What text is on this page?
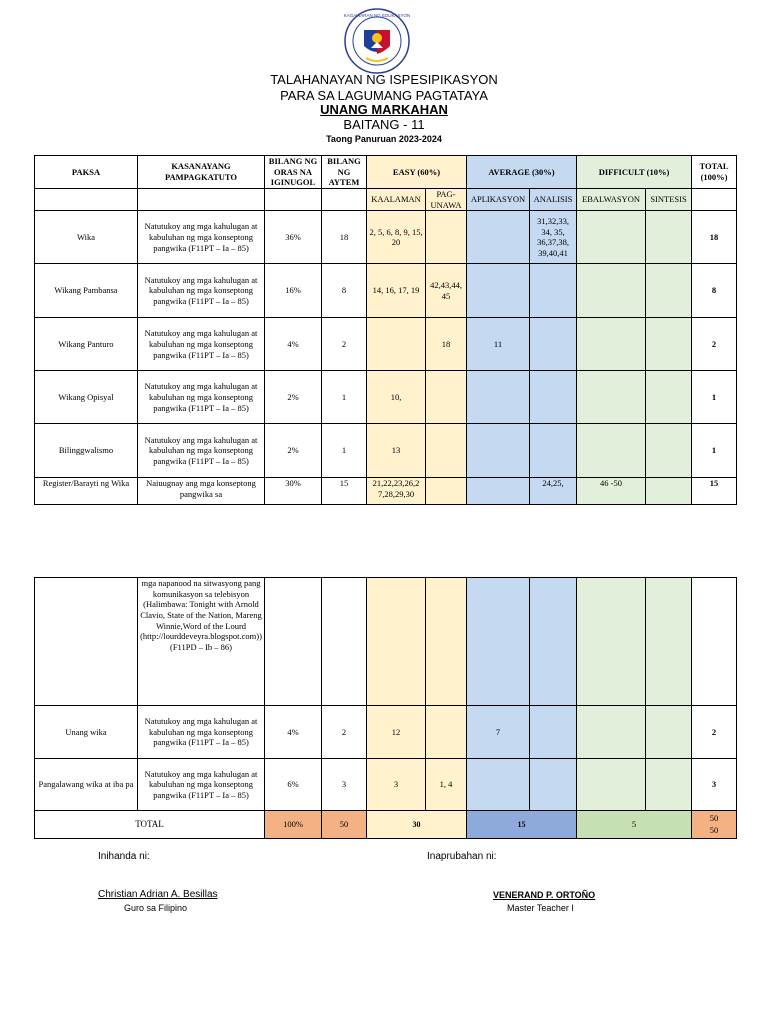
KAGAWARAN NG EDUKASYON
TALAHANAYAN NG ISPESIPIKASYON
PARA SA LAGUMANG PAGTATAYA
UNANG MARKAHAN
BAITANG - 11
Taong Panuruan 2023-2024
PAKSA	KASANAYANG PAMPAGKATUTO	BILANG NG ORAS NA IGINUGOL	BILANG NG AYTEM	EASY (60%)		AVERAGE (30%)		DIFFICULT (10%)		TOTAL (100%)
				KAALAMAN	PAG-UNAWA	APLIKASYON	ANALISIS	EBALWASYON	SINTESIS	
Wika	Natutukoy ang mga kahulugan at kabuluhan ng mga konseptong pangwika (F11PT – Ia – 85)	36%	18	2, 5, 6, 8, 9, 15, 20			31,32,33, 34, 35, 36,37,38, 39,40,41			18
Wikang Pambansa	Natutukoy ang mga kahulugan at kabuluhan ng mga konseptong pangwika (F11PT – Ia – 85)	16%	8	14, 16, 17, 19	42,43,44, 45					8
Wikang Panturo	Natutukoy ang mga kahulugan at kabuluhan ng mga konseptong pangwika (F11PT – Ia – 85)	4%	2		18	11				2
Wikang Opisyal	Natutukoy ang mga kahulugan at kabuluhan ng mga konseptong pangwika (F11PT – Ia – 85)	2%	1	10,						1
Bilinggwalismo	Natutukoy ang mga kahulugan at kabuluhan ng mga konseptong pangwika (F11PT – Ia – 85)	2%	1	13						1
Register/Barayti ng Wika	Naiuugnay ang mga konseptong pangwika sa	30%	15	21,22,23,26,2 7,28,29,30			24,25,	46 -50		15
	mga napanood na sitwasyong pang komunikasyon sa telebisyon (Halimbawa: Tonight with Arnold Clavio, State of the Nation, Mareng Winnie,Word of the Lourd (http://lourddeveyra.blogspot.com)) (F11PD – Ib – 86)									
Unang wika	Natutukoy ang mga kahulugan at kabuluhan ng mga konseptong pangwika (F11PT – Ia – 85)	4%	2	12		7				2
Pangalawang wika at iba pa	Natutukoy ang mga kahulugan at kabuluhan ng mga konseptong pangwika (F11PT – Ia – 85)	6%	3	3	1, 4					3
TOTAL		100%	50	30		15		5		50
50
Inihanda ni:	Inaprubahan ni:
Christian Adrian A. Besillas
Guro sa Filipino
VENERAND P. ORTOÑO
Master Teacher I
